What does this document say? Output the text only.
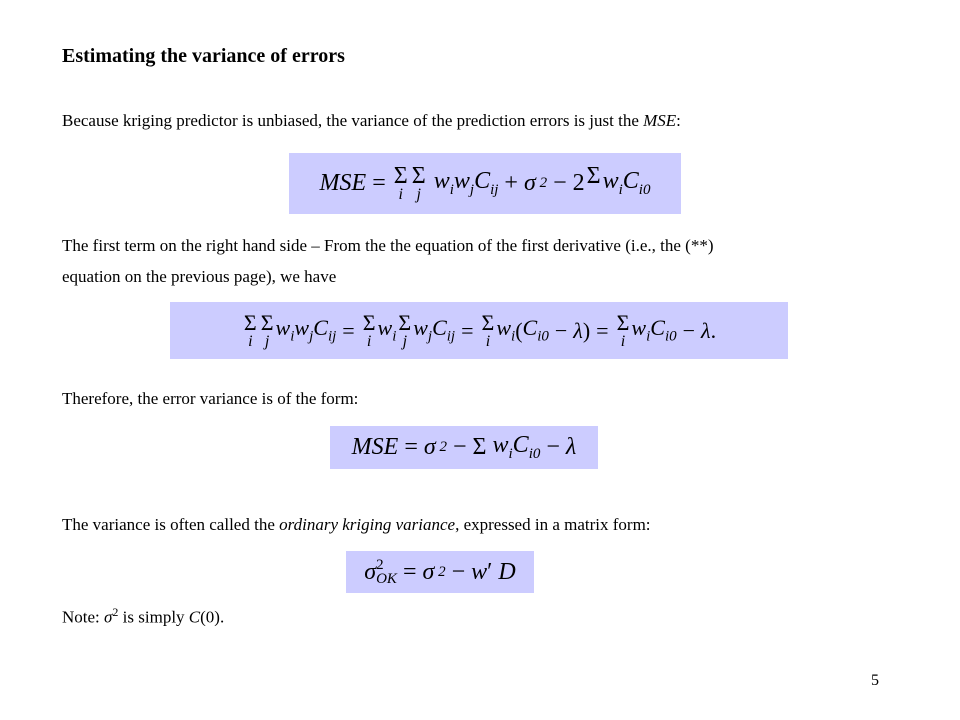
Estimating the variance of errors
Because kriging predictor is unbiased, the variance of the prediction errors is just the MSE:
MSE = Σ
i
Σ
j $w_iw_jC_{ij} + \sigma$ 2 − 2 Σ
$w_iC_{i0}$
The first term on the right hand side – From the the equation of the first derivative (i.e., the (**)
equation on the previous page), we have
Σ
i
Σ
j
$w_iw_jC_{ij} = \Sigma$
i
$w_i$
Σ
j
$w_jC_{ij} = \Sigma$
i
$w_i$ ( $C_{i0} - \lambda$ ) = Σ
i
$w_iC_{i0} - \lambda$ .
Therefore, the error variance is of the form:
MSE = σ 2 − Σ $w_iC_{i0} - \lambda$
The variance is often called the ordinary kriging variance, expressed in a matrix form:
σ 2
OK = σ 2 − w ′ D
Note: $\sigma^2$ is simply C(0).
5
